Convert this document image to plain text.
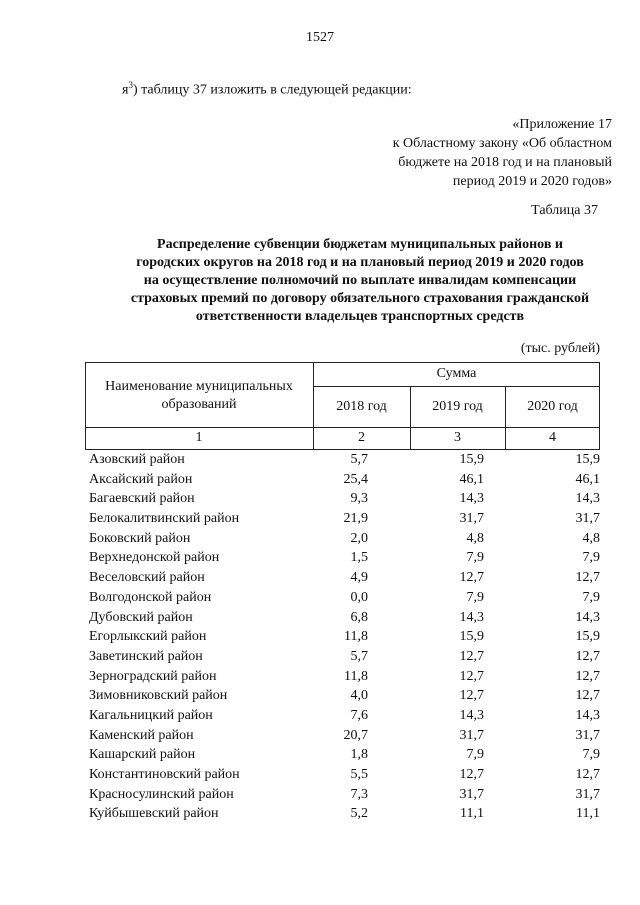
1527
$я^3$) таблицу 37 изложить в следующей редакции:
«Приложение 17
к Областному закону «Об областном
бюджете на 2018 год и на плановый
период 2019 и 2020 годов»
Таблица 37
Распределение субвенции бюджетам муниципальных районов и
городских округов на 2018 год и на плановый период 2019 и 2020 годов
на осуществление полномочий по выплате инвалидам компенсации
страховых премий по договору обязательного страхования гражданской
ответственности владельцев транспортных средств
(тыс. рублей)
Наименование муниципальных
образований
Сумма
2018 год	2019 год	2020 год
1	2	3	4
Азовский район	5,7	15,9	15,9
Аксайский район	25,4	46,1	46,1
Багаевский район	9,3	14,3	14,3
Белокалитвинский район	21,9	31,7	31,7
Боковский район	2,0	4,8	4,8
Верхнедонской район	1,5	7,9	7,9
Веселовский район	4,9	12,7	12,7
Волгодонской район	0,0	7,9	7,9
Дубовский район	6,8	14,3	14,3
Егорлыкский район	11,8	15,9	15,9
Заветинский район	5,7	12,7	12,7
Зерноградский район	11,8	12,7	12,7
Зимовниковский район	4,0	12,7	12,7
Кагальницкий район	7,6	14,3	14,3
Каменский район	20,7	31,7	31,7
Кашарский район	1,8	7,9	7,9
Константиновский район	5,5	12,7	12,7
Красносулинский район	7,3	31,7	31,7
Куйбышевский район	5,2	11,1	11,1
